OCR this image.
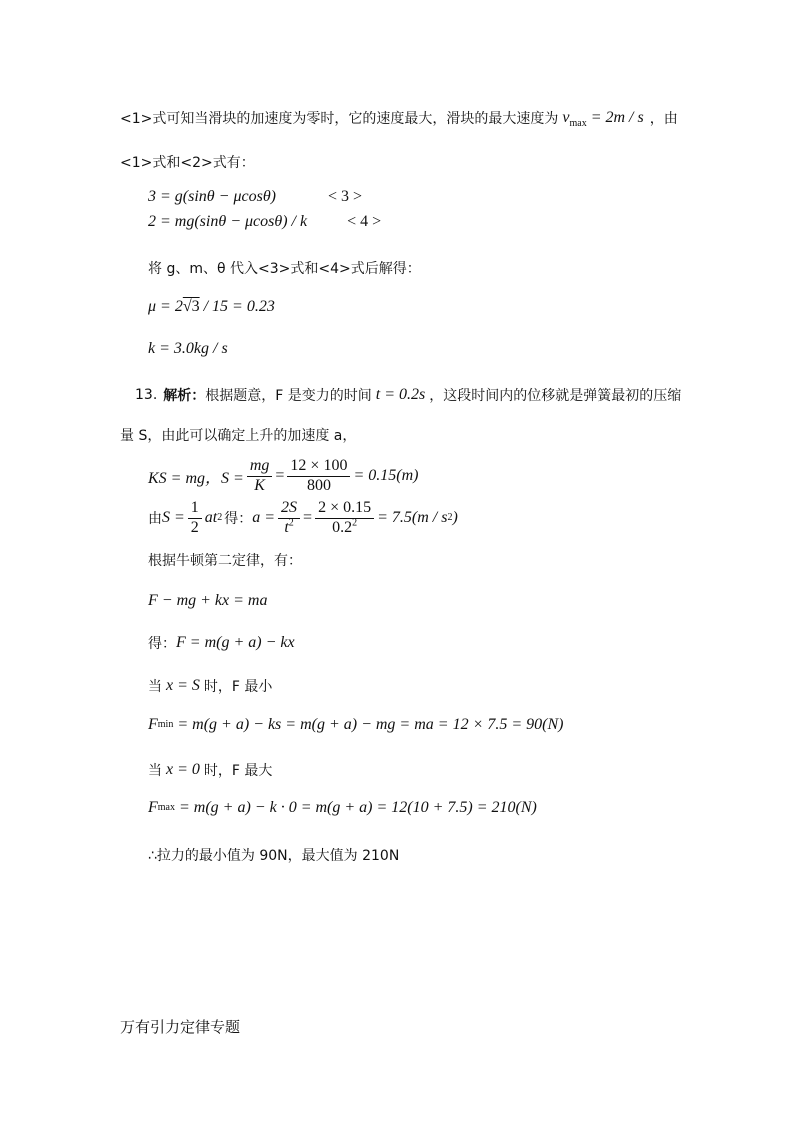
<1>式可知当滑块的加速度为零时，它的速度最大，滑块的最大速度为 $v_{max} = 2m / s$ ，由
<1>式和<2>式有：
3 = g(sinθ − μcosθ)	< 3 >
2 = mg(sinθ − μcosθ) / k	< 4 >
将 g、m、θ 代入<3>式和<4>式后解得：
μ = 2 √3 / 15 = 0.23
k = 3.0kg / s
13. 解析： 根据题意，F 是变力的时间 t = 0.2s ，这段时间内的位移就是弹簧最初的压缩
量 S，由此可以确定上升的加速度 a，
KS = mg，$S = \frac{mg}{K} = \frac{12 \times 100}{800} = 0.15(m)$
由 $S = \frac{1}{2}$ at 2 得： $a = \frac{2S}{t^2} = \frac{2 \times 0.15}{0.2^2} = 7.5(m / s$ 2 )
根据牛顿第二定律，有：
F − mg + kx = ma
得： F = m(g + a) − kx
当 x = S 时，F 最小
F min = m(g + a) − ks = m(g + a) − mg = ma = 12 × 7.5 = 90(N)
当 x = 0 时，F 最大
F max = m(g + a) − k · 0 = m(g + a) = 12(10 + 7.5) = 210(N)
∴拉力的最小值为 90N，最大值为 210N
万有引力定律专题
